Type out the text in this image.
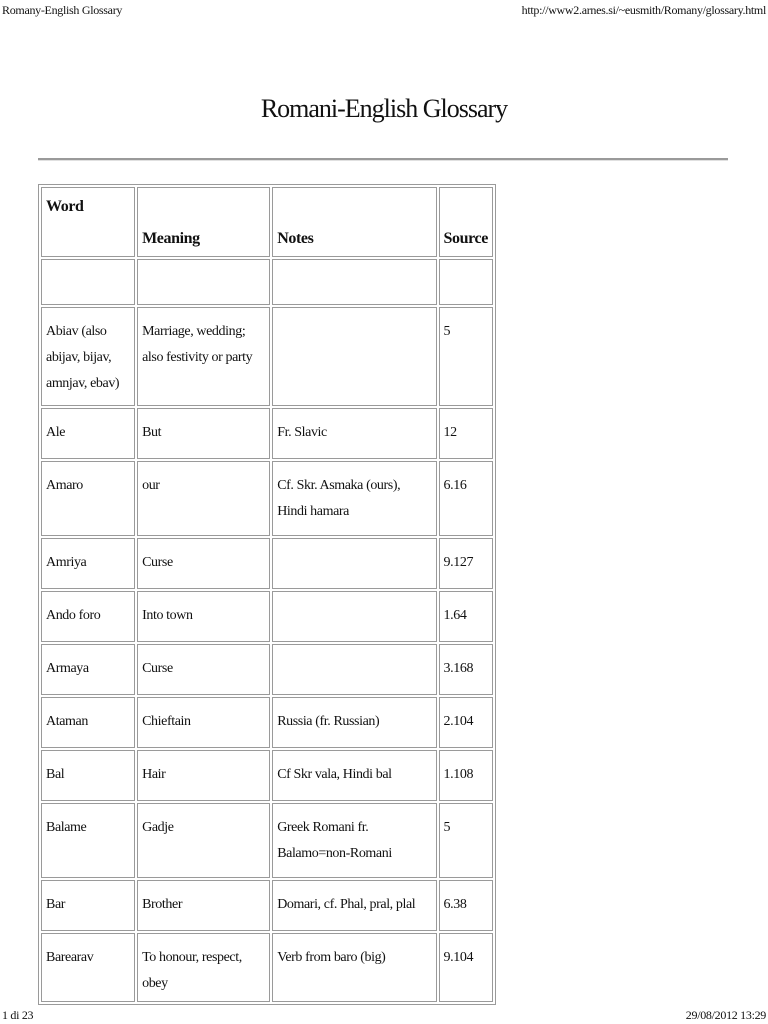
Romany-English Glossary	http://www2.arnes.si/~eusmith/Romany/glossary.html
Romani-English Glossary
Word	Meaning	Notes	Source

Abiav (also abijav, bijav, amnjav, ebav)	Marriage, wedding; also festivity or party		5
Ale	But	Fr. Slavic	12
Amaro	our	Cf. Skr. Asmaka (ours), Hindi hamara	6.16
Amriya	Curse		9.127
Ando foro	Into town		1.64
Armaya	Curse		3.168
Ataman	Chieftain	Russia (fr. Russian)	2.104
Bal	Hair	Cf Skr vala, Hindi bal	1.108
Balame	Gadje	Greek Romani fr. Balamo=non-Romani	5
Bar	Brother	Domari, cf. Phal, pral, plal	6.38
Barearav	To honour, respect, obey	Verb from baro (big)	9.104
1 di 23	29/08/2012 13:29
